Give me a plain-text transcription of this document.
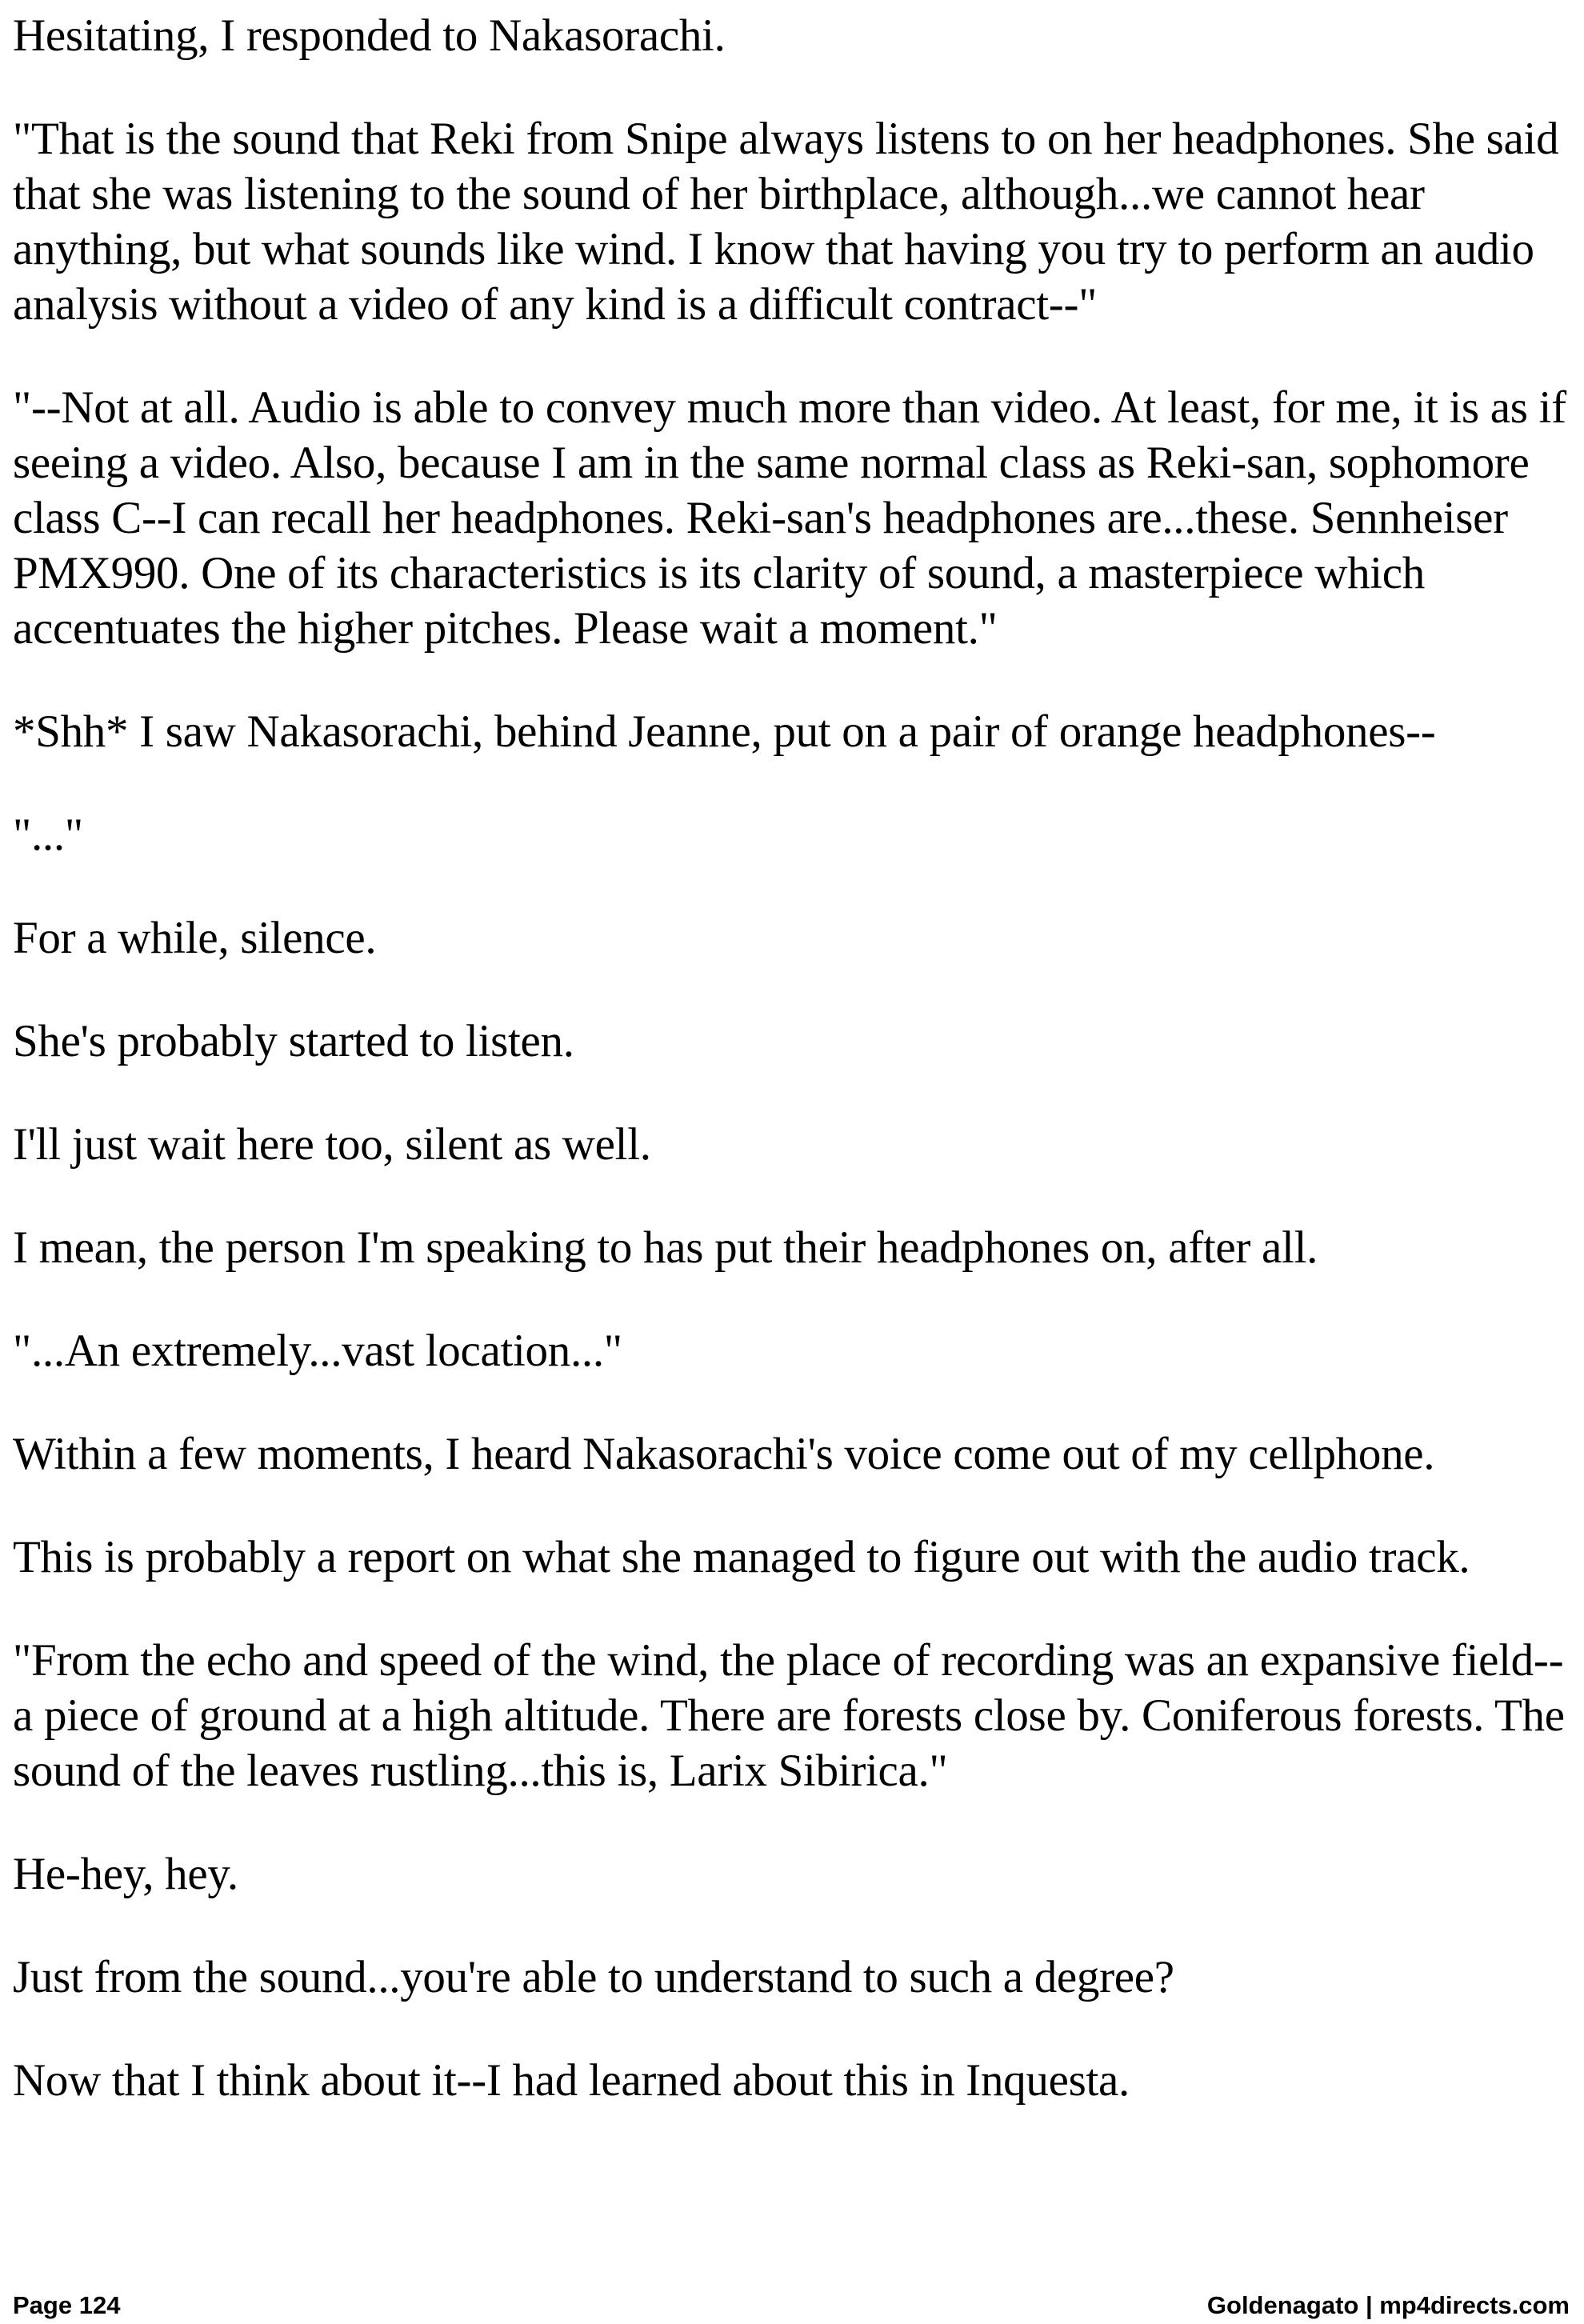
Hesitating, I responded to Nakasorachi.

"That is the sound that Reki from Snipe always listens to on her headphones. She said that she was listening to the sound of her birthplace, although...we cannot hear anything, but what sounds like wind. I know that having you try to perform an audio analysis without a video of any kind is a difficult contract--"

"--Not at all. Audio is able to convey much more than video. At least, for me, it is as if seeing a video. Also, because I am in the same normal class as Reki-san, sophomore class C--I can recall her headphones. Reki-san's headphones are...these. Sennheiser PMX990. One of its characteristics is its clarity of sound, a masterpiece which accentuates the higher pitches. Please wait a moment."

*Shh* I saw Nakasorachi, behind Jeanne, put on a pair of orange headphones--

"..."

For a while, silence.

She's probably started to listen.

I'll just wait here too, silent as well.

I mean, the person I'm speaking to has put their headphones on, after all.

"...An extremely...vast location..."

Within a few moments, I heard Nakasorachi's voice come out of my cellphone.

This is probably a report on what she managed to figure out with the audio track.

"From the echo and speed of the wind, the place of recording was an expansive field--a piece of ground at a high altitude. There are forests close by. Coniferous forests. The sound of the leaves rustling...this is, Larix Sibirica."

He-hey, hey.

Just from the sound...you're able to understand to such a degree?

Now that I think about it--I had learned about this in Inquesta.

Page 124	Goldenagato | mp4directs.com
